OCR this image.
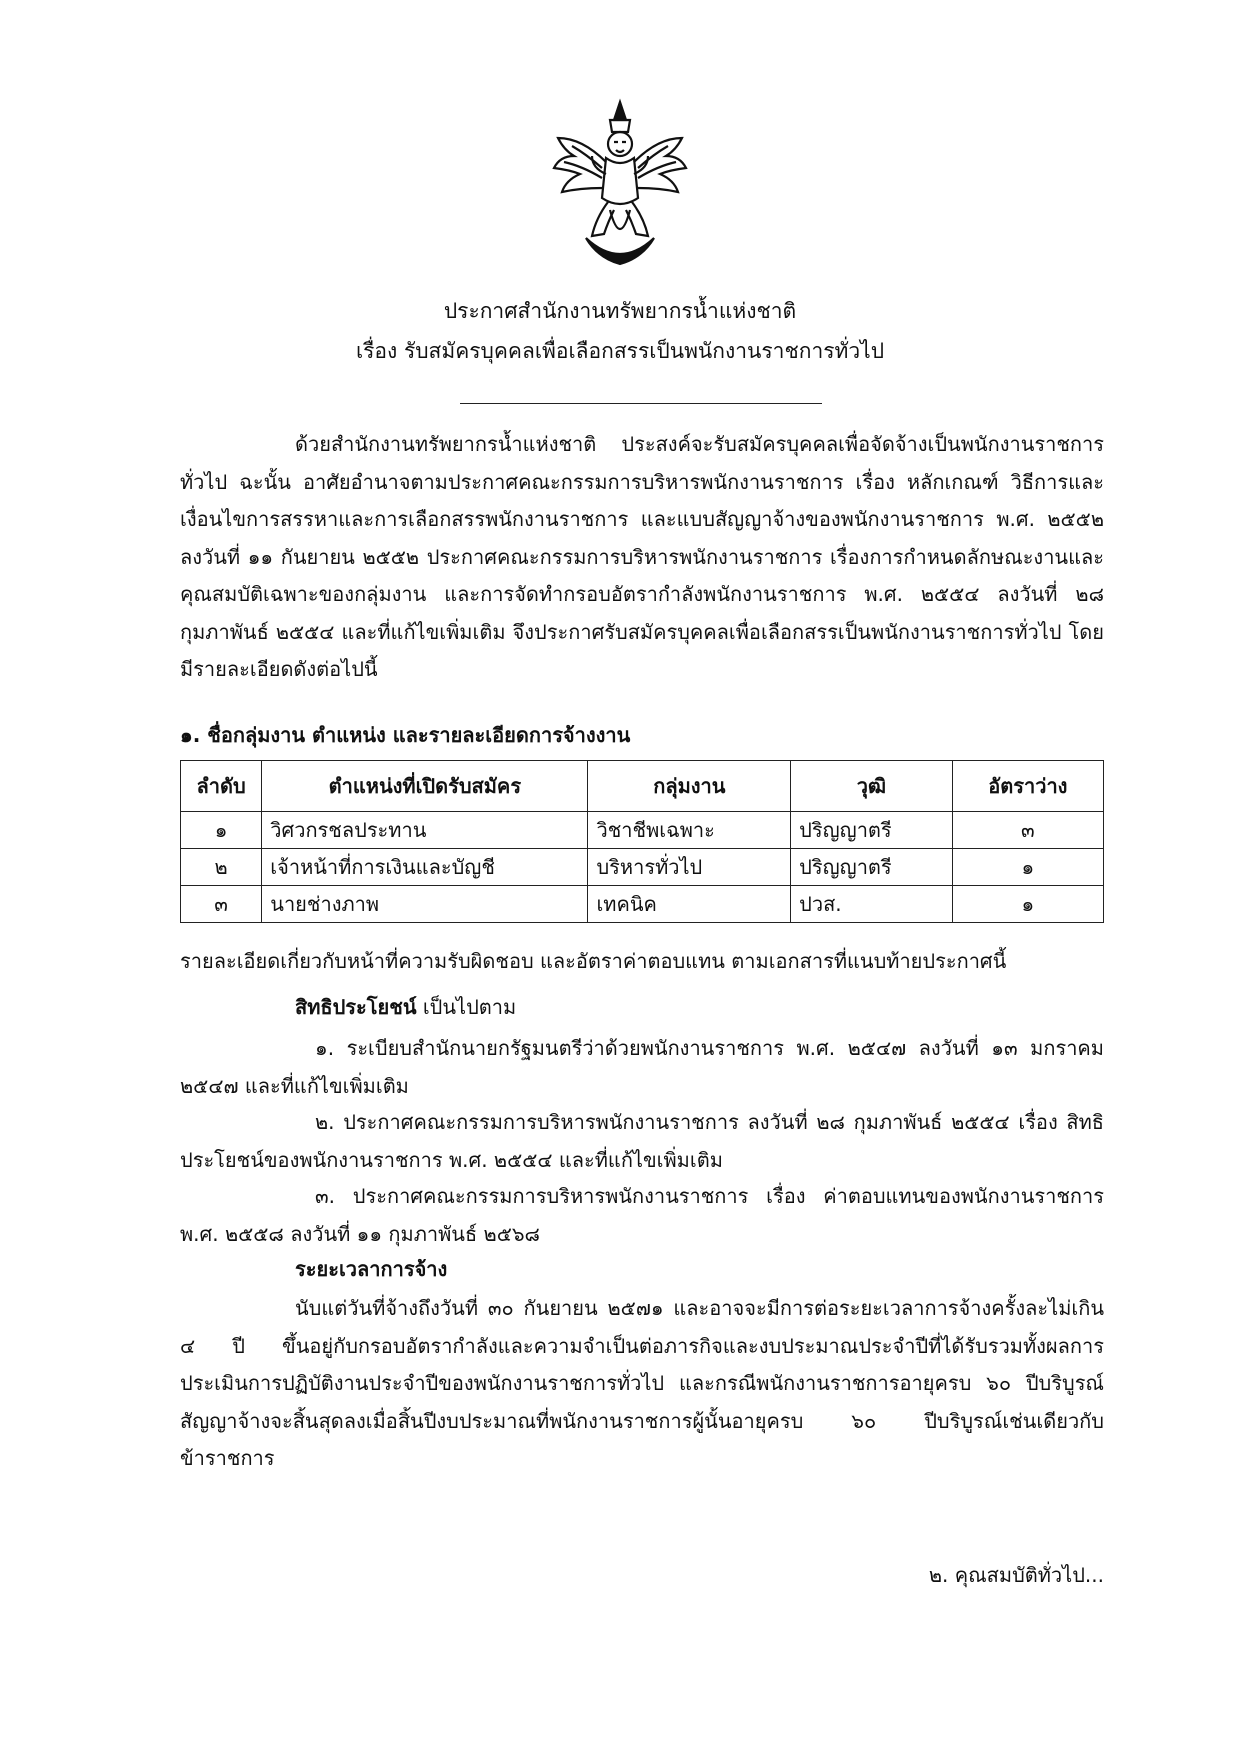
ประกาศสำนักงานทรัพยากรน้ำแห่งชาติ
เรื่อง รับสมัครบุคคลเพื่อเลือกสรรเป็นพนักงานราชการทั่วไป
ด้วยสำนักงานทรัพยากรน้ำแห่งชาติ ประสงค์จะรับสมัครบุคคลเพื่อจัดจ้างเป็นพนักงานราชการทั่วไป ฉะนั้น อาศัยอำนาจตามประกาศคณะกรรมการบริหารพนักงานราชการ เรื่อง หลักเกณฑ์ วิธีการและเงื่อนไขการสรรหาและการเลือกสรรพนักงานราชการ และแบบสัญญาจ้างของพนักงานราชการ พ.ศ. ๒๕๕๒ ลงวันที่ ๑๑ กันยายน ๒๕๕๒ ประกาศคณะกรรมการบริหารพนักงานราชการ เรื่องการกำหนดลักษณะงานและคุณสมบัติเฉพาะของกลุ่มงาน และการจัดทำกรอบอัตรากำลังพนักงานราชการ พ.ศ. ๒๕๕๔ ลงวันที่ ๒๘ กุมภาพันธ์ ๒๕๕๔ และที่แก้ไขเพิ่มเติม จึงประกาศรับสมัครบุคคลเพื่อเลือกสรรเป็นพนักงานราชการทั่วไป โดยมีรายละเอียดดังต่อไปนี้
๑. ชื่อกลุ่มงาน ตำแหน่ง และรายละเอียดการจ้างงาน
ลำดับ	ตำแหน่งที่เปิดรับสมัคร	กลุ่มงาน	วุฒิ	อัตราว่าง
๑	วิศวกรชลประทาน	วิชาชีพเฉพาะ	ปริญญาตรี	๓
๒	เจ้าหน้าที่การเงินและบัญชี	บริหารทั่วไป	ปริญญาตรี	๑
๓	นายช่างภาพ	เทคนิค	ปวส.	๑
รายละเอียดเกี่ยวกับหน้าที่ความรับผิดชอบ และอัตราค่าตอบแทน ตามเอกสารที่แนบท้ายประกาศนี้
สิทธิประโยชน์ เป็นไปตาม
๑. ระเบียบสำนักนายกรัฐมนตรีว่าด้วยพนักงานราชการ พ.ศ. ๒๕๔๗ ลงวันที่ ๑๓ มกราคม ๒๕๔๗ และที่แก้ไขเพิ่มเติม
๒. ประกาศคณะกรรมการบริหารพนักงานราชการ ลงวันที่ ๒๘ กุมภาพันธ์ ๒๕๕๔ เรื่อง สิทธิประโยชน์ของพนักงานราชการ พ.ศ. ๒๕๕๔ และที่แก้ไขเพิ่มเติม
๓. ประกาศคณะกรรมการบริหารพนักงานราชการ เรื่อง ค่าตอบแทนของพนักงานราชการ พ.ศ. ๒๕๕๘ ลงวันที่ ๑๑ กุมภาพันธ์ ๒๕๖๘
ระยะเวลาการจ้าง
นับแต่วันที่จ้างถึงวันที่ ๓๐ กันยายน ๒๕๗๑ และอาจจะมีการต่อระยะเวลาการจ้างครั้งละไม่เกิน ๔ ปี ขึ้นอยู่กับกรอบอัตรากำลังและความจำเป็นต่อภารกิจและงบประมาณประจำปีที่ได้รับรวมทั้งผลการประเมินการปฏิบัติงานประจำปีของพนักงานราชการทั่วไป และกรณีพนักงานราชการอายุครบ ๖๐ ปีบริบูรณ์ สัญญาจ้างจะสิ้นสุดลงเมื่อสิ้นปีงบประมาณที่พนักงานราชการผู้นั้นอายุครบ ๖๐ ปีบริบูรณ์เช่นเดียวกับข้าราชการ
๒. คุณสมบัติทั่วไป...
